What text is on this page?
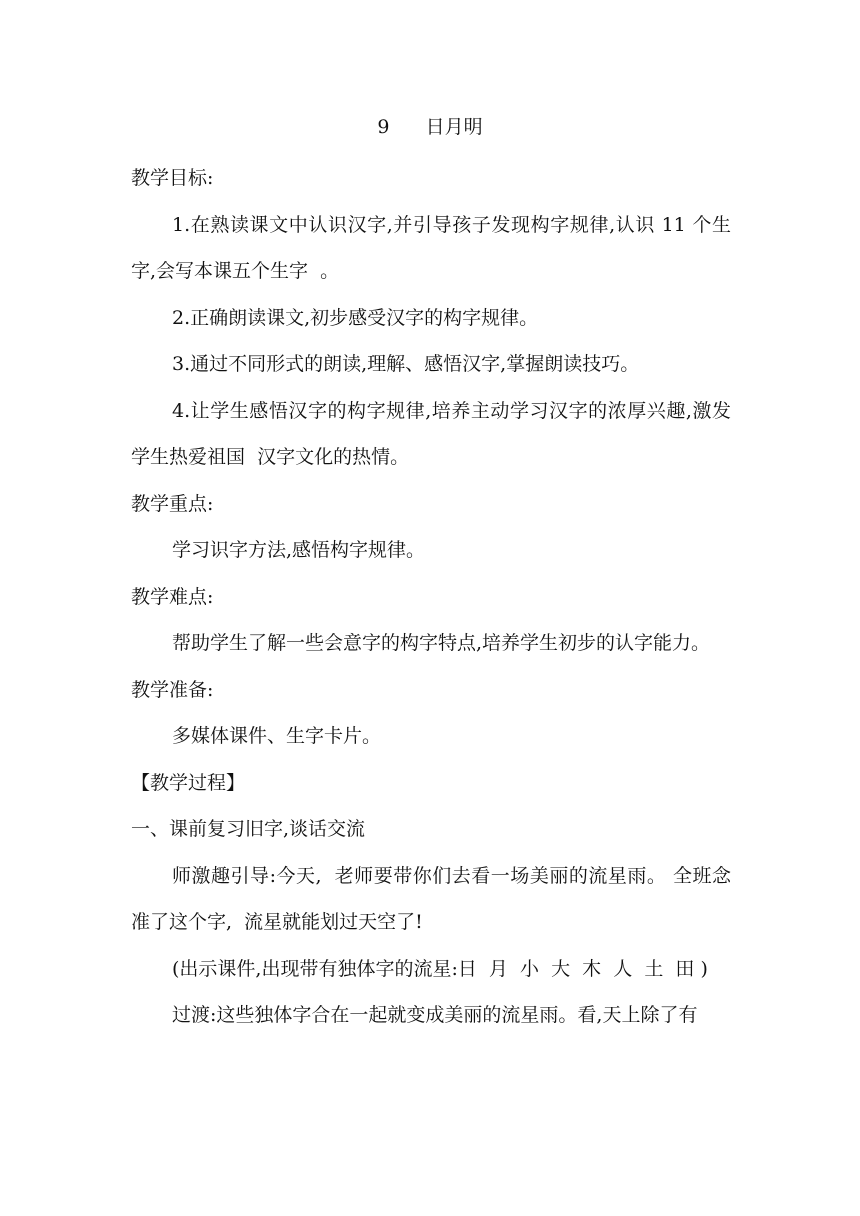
9      日月明

教学目标:

1.在熟读课文中认识汉字,并引导孩子发现构字规律,认识 11 个生字,会写本课五个生字  。

2.正确朗读课文,初步感受汉字的构字规律。

3.通过不同形式的朗读,理解、感悟汉字,掌握朗读技巧。

4.让学生感悟汉字的构字规律,培养主动学习汉字的浓厚兴趣,激发学生热爱祖国  汉字文化的热情。

教学重点:

学习识字方法,感悟构字规律。

教学难点:

帮助学生了解一些会意字的构字特点,培养学生初步的认字能力。

教学准备:

多媒体课件、生字卡片。

【教学过程】

一、课前复习旧字,谈话交流

师激趣引导:今天,  老师要带你们去看一场美丽的流星雨。 全班念准了这个字,  流星就能划过天空了!

(出示课件,出现带有独体字的流星:日  月  小  大  木  人  土  田 )

过渡:这些独体字合在一起就变成美丽的流星雨。看,天上除了有
